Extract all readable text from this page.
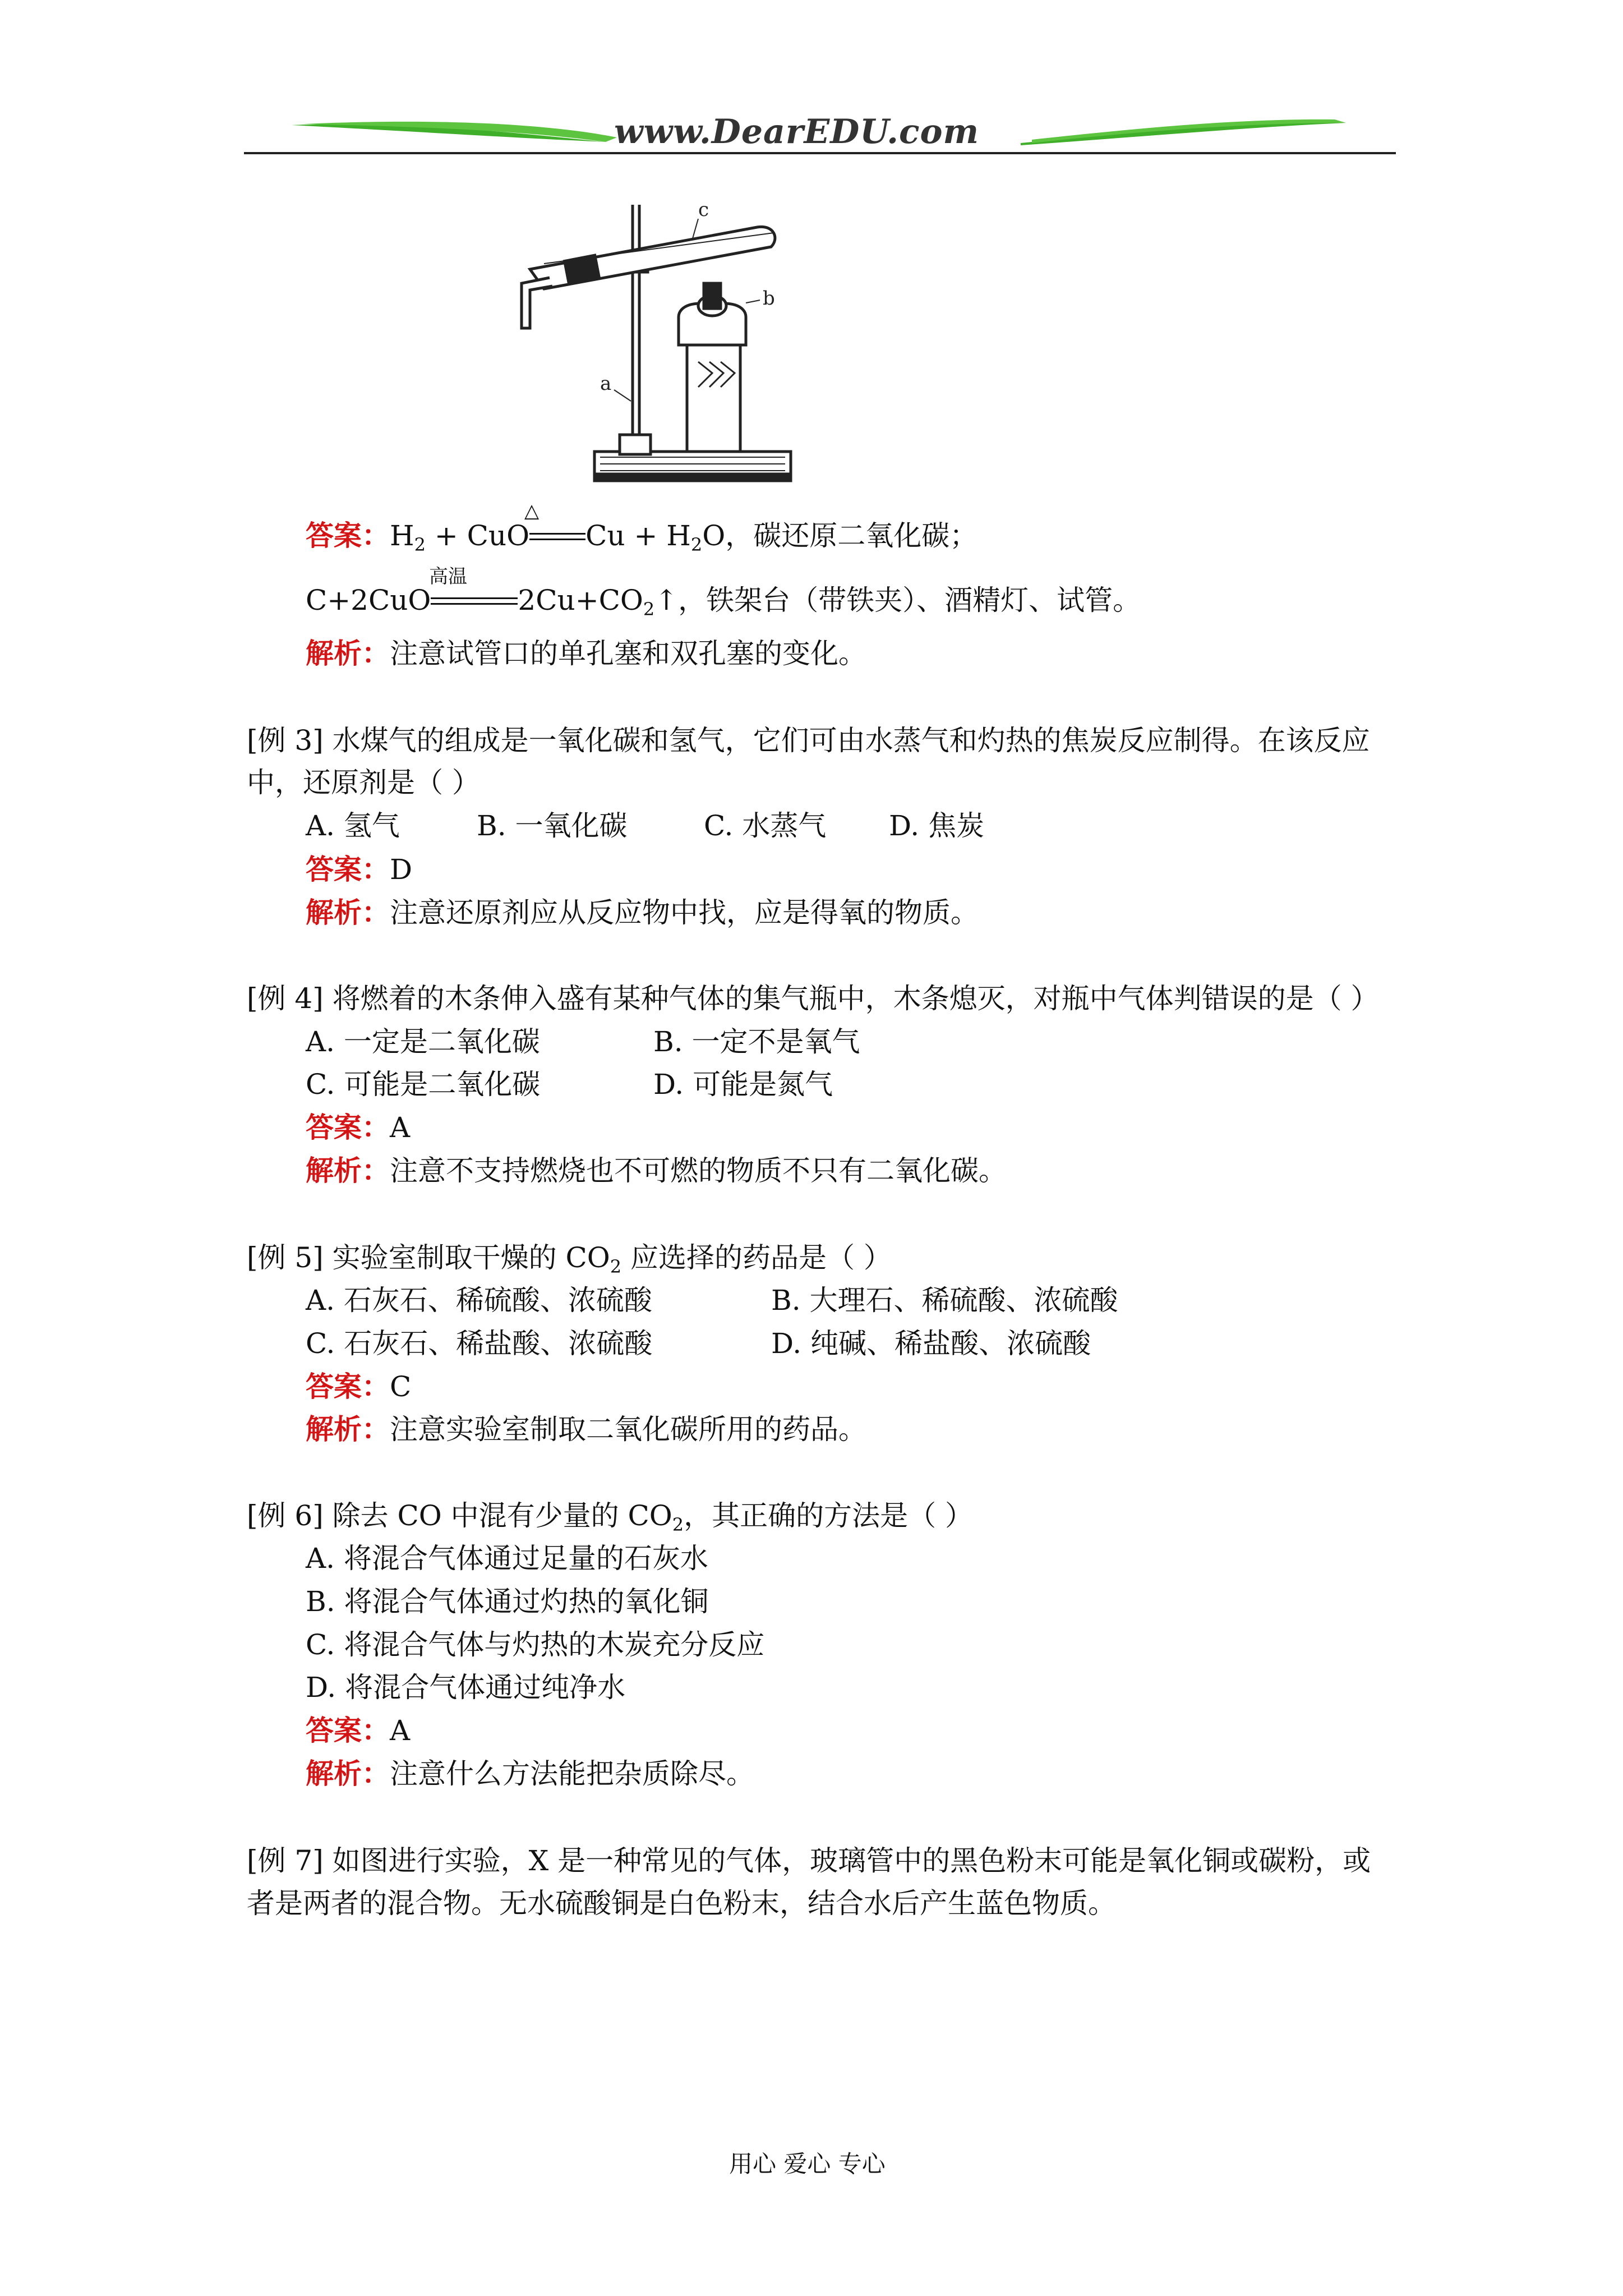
www.DearEDU.com
c
b
a
答案：$H_2$ + CuO $Cu + H_2O$，碳还原二氧化碳；
△
C+2CuO	$2Cu+CO_2↑$，铁架台（带铁夹）、酒精灯、试管。
高温
解析：注意试管口的单孔塞和双孔塞的变化。
[例 3] 水煤气的组成是一氧化碳和氢气，它们可由水蒸气和灼热的焦炭反应制得。在该反应
中，还原剂是（ ）
A. 氢气	B. 一氧化碳	C. 水蒸气 D. 焦炭
答案：D
解析：注意还原剂应从反应物中找，应是得氧的物质。
[例 4] 将燃着的木条伸入盛有某种气体的集气瓶中，木条熄灭，对瓶中气体判错误的是（ ）
A. 一定是二氧化碳	B. 一定不是氧气
C. 可能是二氧化碳	D. 可能是氮气
答案：A
解析：注意不支持燃烧也不可燃的物质不只有二氧化碳。
[例 5] 实验室制取干燥的 $CO_2$ 应选择的药品是（ ）
A. 石灰石、稀硫酸、浓硫酸	B. 大理石、稀硫酸、浓硫酸
C. 石灰石、稀盐酸、浓硫酸	D. 纯碱、稀盐酸、浓硫酸
答案：C
解析：注意实验室制取二氧化碳所用的药品。
[例 6] 除去 CO 中混有少量的 $CO_2$，其正确的方法是（ ）
A. 将混合气体通过足量的石灰水
B. 将混合气体通过灼热的氧化铜
C. 将混合气体与灼热的木炭充分反应
D. 将混合气体通过纯净水
答案：A
解析：注意什么方法能把杂质除尽。
[例 7] 如图进行实验，X 是一种常见的气体，玻璃管中的黑色粉末可能是氧化铜或碳粉，或
者是两者的混合物。无水硫酸铜是白色粉末，结合水后产生蓝色物质。
用心 爱心 专心
